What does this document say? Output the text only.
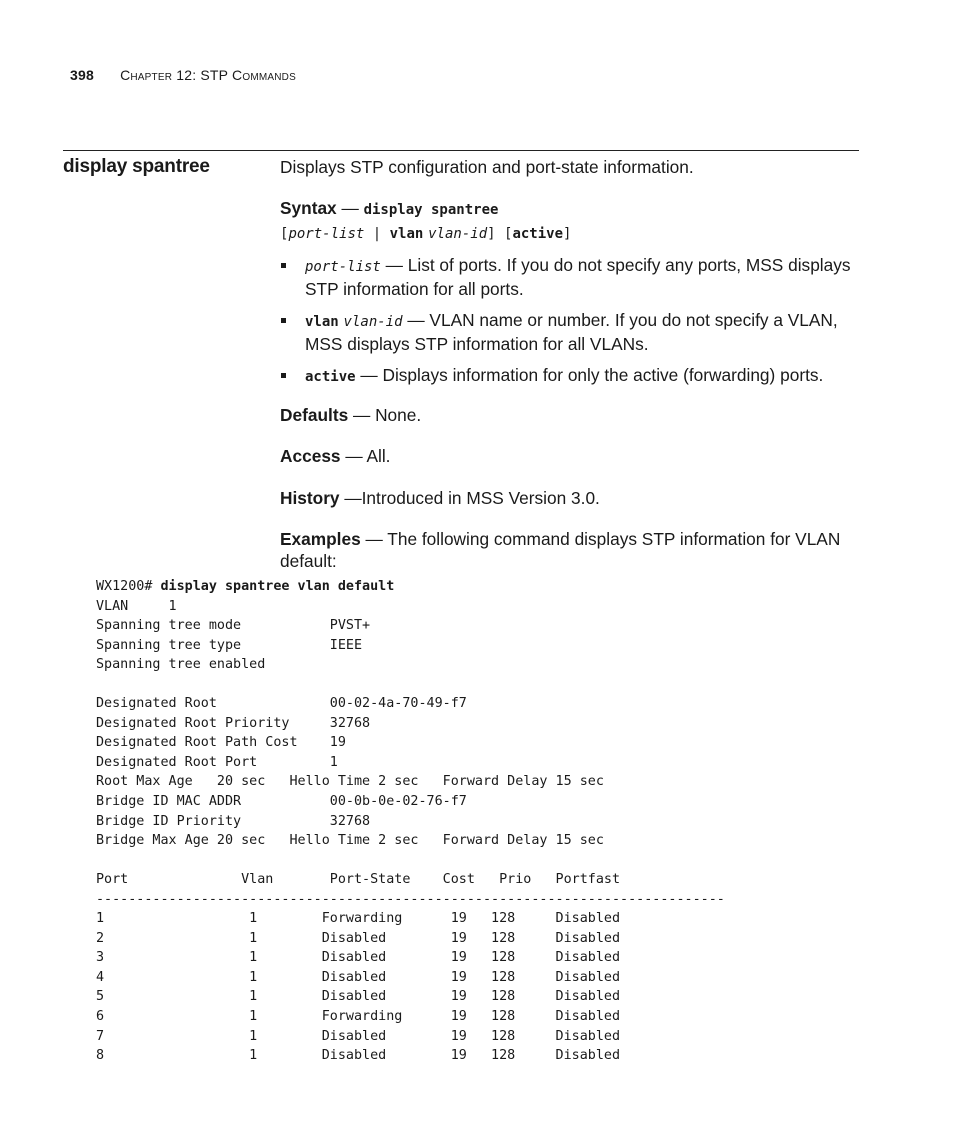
398 Chapter 12: STP Commands
display spantree	Displays STP configuration and port-state information.

Syntax — display spantree

[port-list | vlan vlan-id] [active]

port-list — List of ports. If you do not specify any ports, MSS displays STP information for all ports.
vlan vlan-id — VLAN name or number. If you do not specify a VLAN, MSS displays STP information for all VLANs.
active — Displays information for only the active (forwarding) ports.

Defaults — None.

Access — All.

History —Introduced in MSS Version 3.0.

Examples — The following command displays STP information for VLAN default:

WX1200# display spantree vlan default
VLAN     1
Spanning tree mode           PVST+
Spanning tree type           IEEE
Spanning tree enabled

Designated Root              00-02-4a-70-49-f7
Designated Root Priority     32768
Designated Root Path Cost    19
Designated Root Port         1
Root Max Age   20 sec   Hello Time 2 sec   Forward Delay 15 sec
Bridge ID MAC ADDR           00-0b-0e-02-76-f7
Bridge ID Priority           32768
Bridge Max Age 20 sec   Hello Time 2 sec   Forward Delay 15 sec

Port              Vlan       Port-State    Cost   Prio   Portfast
------------------------------------------------------------------------------
1                  1        Forwarding      19   128     Disabled
2                  1        Disabled        19   128     Disabled
3                  1        Disabled        19   128     Disabled
4                  1        Disabled        19   128     Disabled
5                  1        Disabled        19   128     Disabled
6                  1        Forwarding      19   128     Disabled
7                  1        Disabled        19   128     Disabled
8                  1        Disabled        19   128     Disabled
